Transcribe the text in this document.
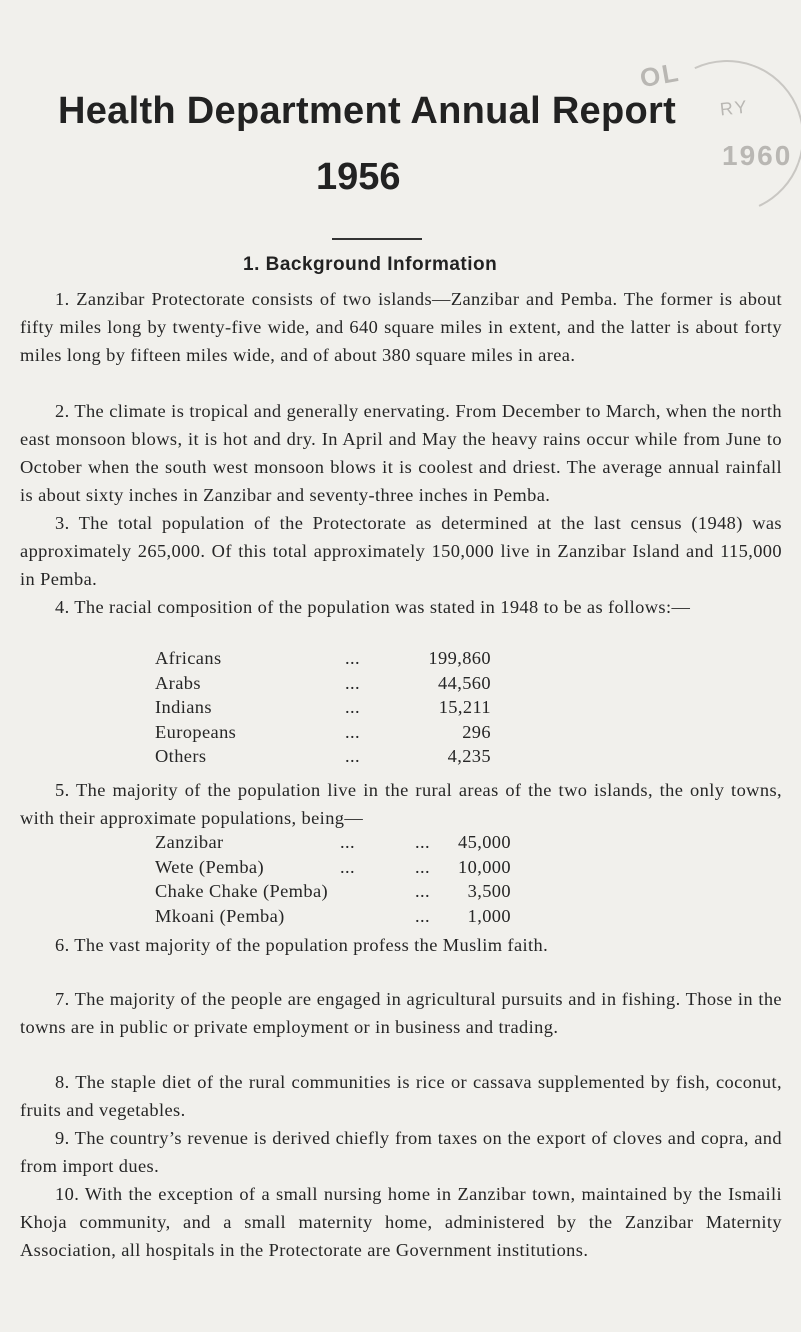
OL
RY
1960
Health Department Annual Report
1956
1. Background Information
1. Zanzibar Protectorate consists of two islands—Zanzibar and Pemba. The former is about fifty miles long by twenty-five wide, and 640 square miles in extent, and the latter is about forty miles long by fifteen miles wide, and of about 380 square miles in area.
2. The climate is tropical and generally enervating. From December to March, when the north east monsoon blows, it is hot and dry. In April and May the heavy rains occur while from June to October when the south west monsoon blows it is coolest and driest. The average annual rainfall is about sixty inches in Zanzibar and seventy-three inches in Pemba.
3. The total population of the Protectorate as determined at the last census (1948) was approximately 265,000. Of this total approximately 150,000 live in Zanzibar Island and 115,000 in Pemba.
4. The racial composition of the population was stated in 1948 to be as follows:—
Africans	...	199,860
Arabs	...	44,560
Indians	...	15,211
Europeans	...	296
Others	...	4,235
5. The majority of the population live in the rural areas of the two islands, the only towns, with their approximate populations, being—
Zanzibar	...	... 45,000
Wete (Pemba)	...	... 10,000
Chake Chake (Pemba)	... 3,500
Mkoani (Pemba)	... 1,000
6. The vast majority of the population profess the Muslim faith.
7. The majority of the people are engaged in agricultural pursuits and in fishing. Those in the towns are in public or private employment or in business and trading.
8. The staple diet of the rural communities is rice or cassava supplemented by fish, coconut, fruits and vegetables.
9. The country’s revenue is derived chiefly from taxes on the export of cloves and copra, and from import dues.
10. With the exception of a small nursing home in Zanzibar town, maintained by the Ismaili Khoja community, and a small maternity home, administered by the Zanzibar Maternity Association, all hospitals in the Protectorate are Government institutions.
